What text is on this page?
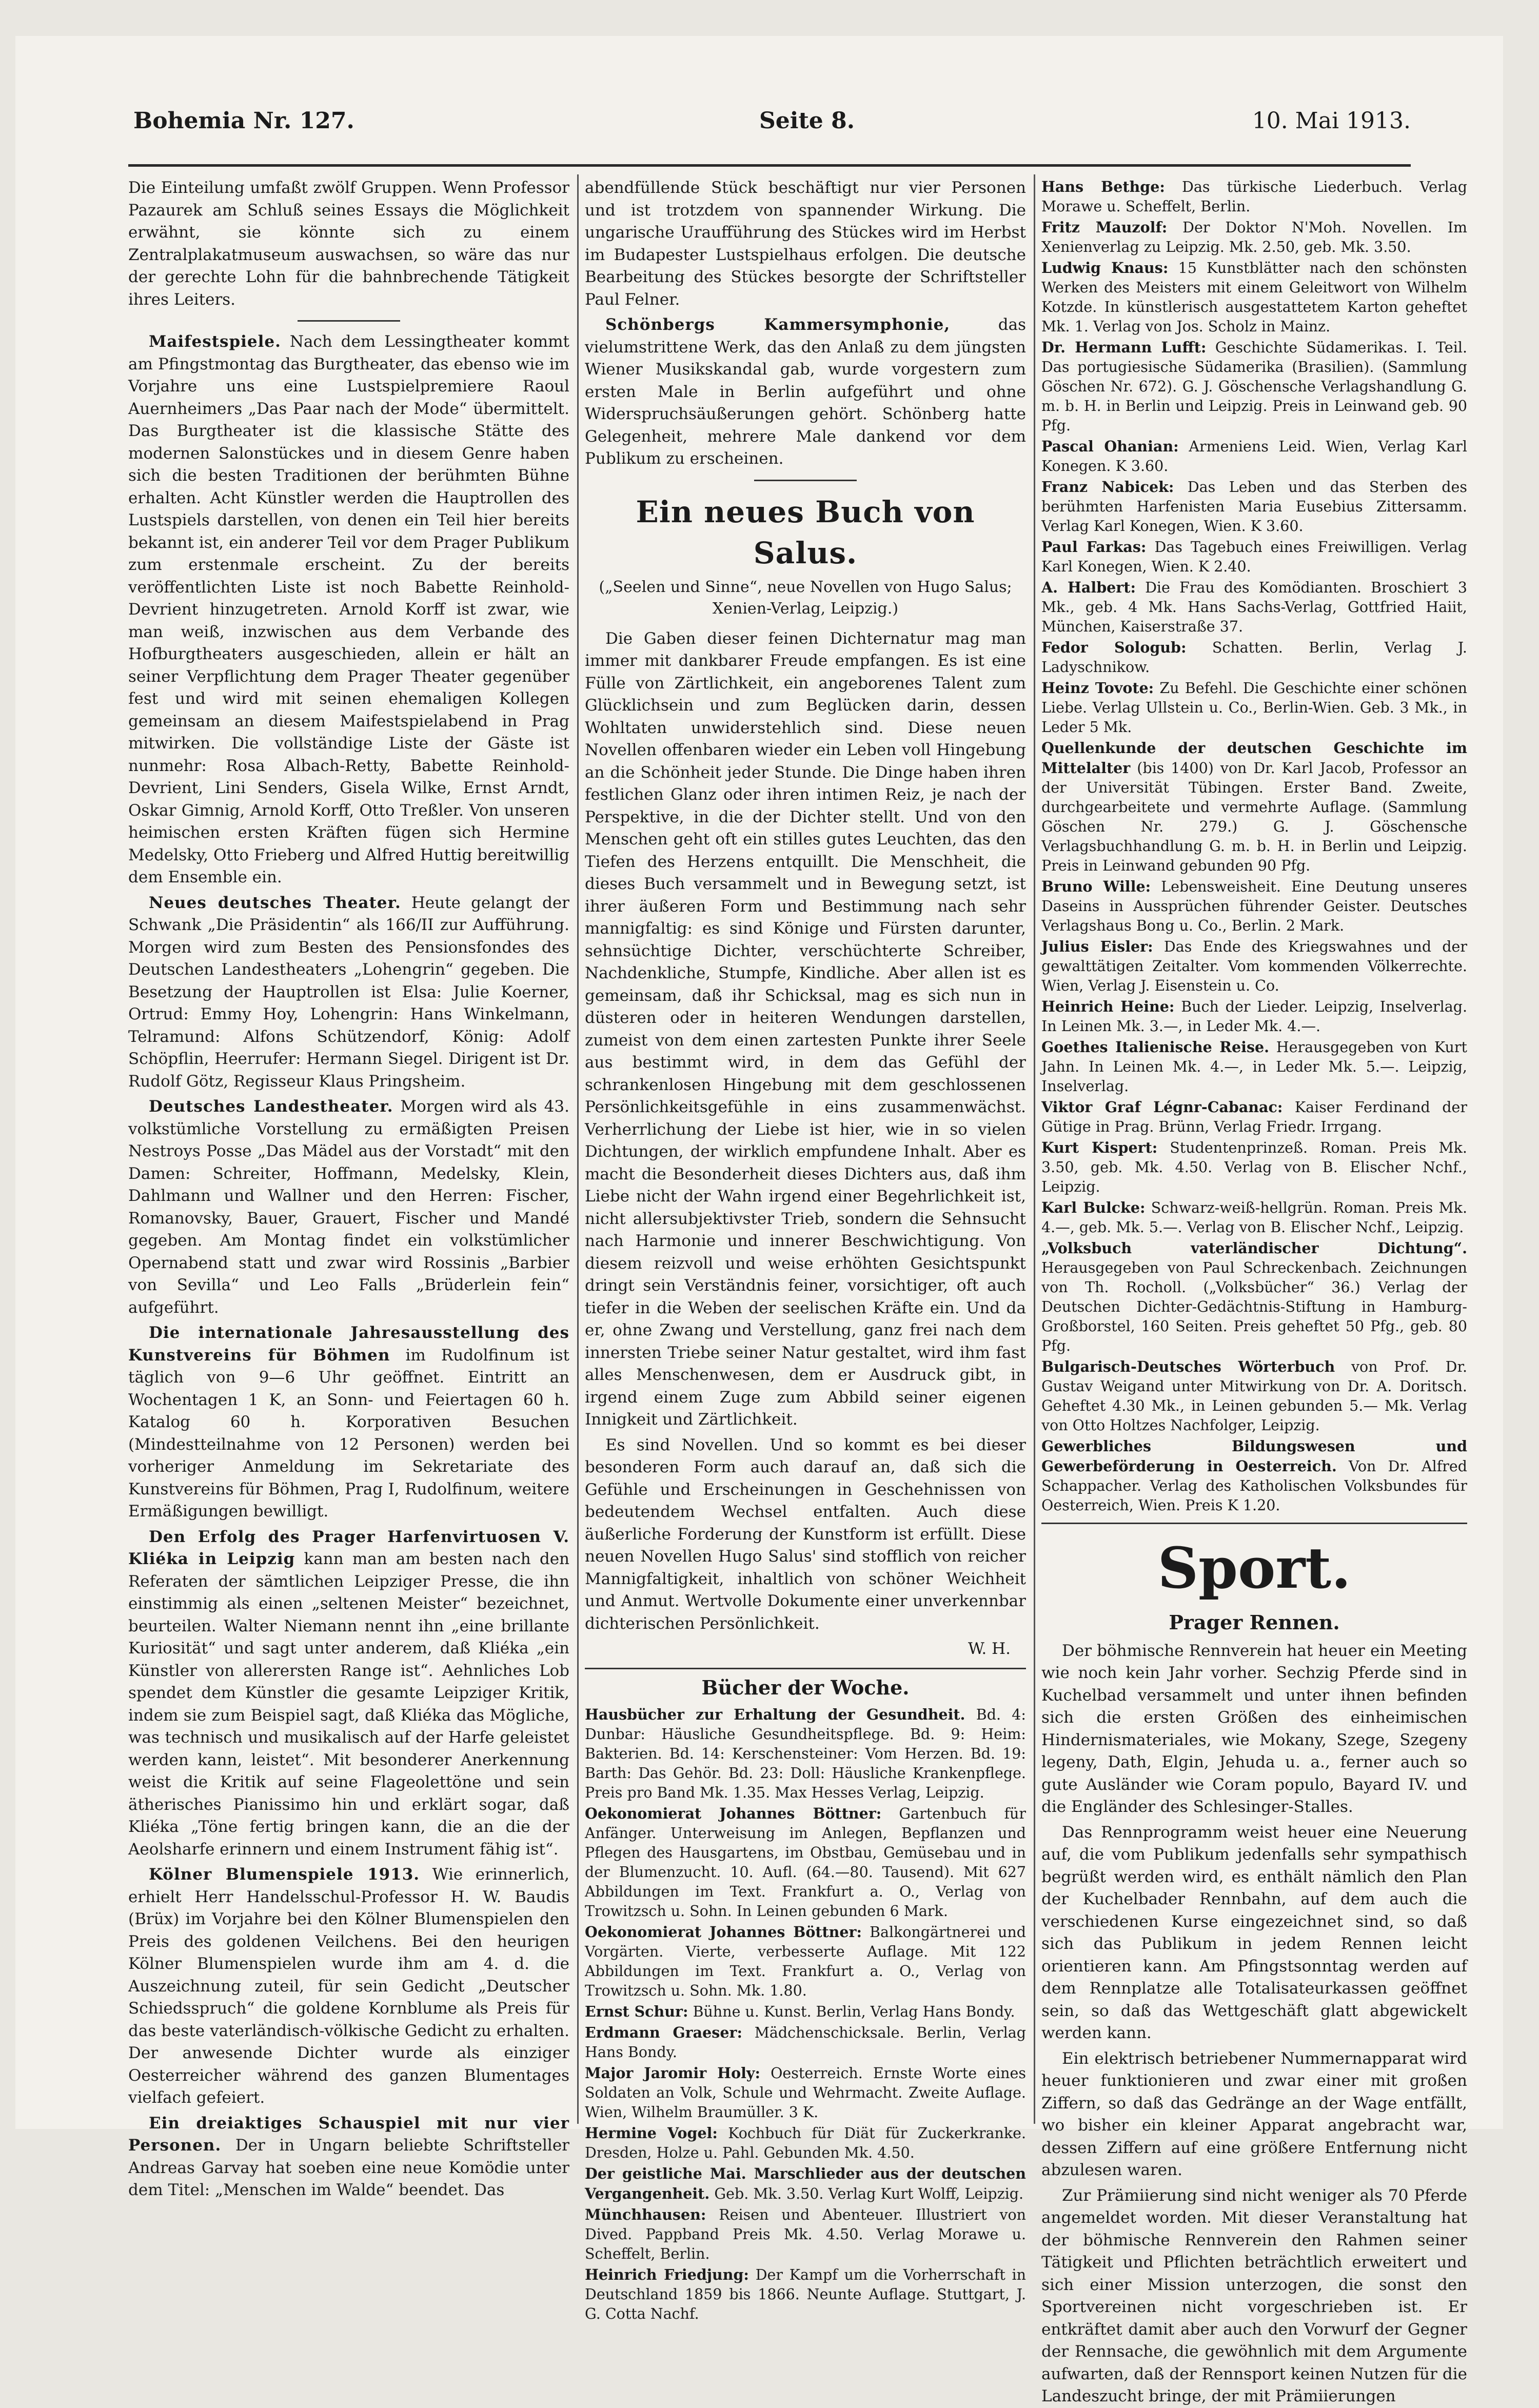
Bohemia Nr. 127.	Seite 8.	10. Mai 1913.

Die Einteilung umfaßt zwölf Gruppen. Wenn Professor Pazaurek am Schluß seines Essays die Möglichkeit erwähnt, sie könnte sich zu einem Zentralplakatmuseum auswachsen, so wäre das nur der gerechte Lohn für die bahnbrechende Tätigkeit ihres Leiters.

Maifestspiele. Nach dem Lessingtheater kommt am Pfingstmontag das Burgtheater, das ebenso wie im Vorjahre uns eine Lustspielpremiere Raoul Auernheimers „Das Paar nach der Mode“ übermittelt. Das Burgtheater ist die klassische Stätte des modernen Salonstückes und in diesem Genre haben sich die besten Traditionen der berühmten Bühne erhalten. Acht Künstler werden die Hauptrollen des Lustspiels darstellen, von denen ein Teil hier bereits bekannt ist, ein anderer Teil vor dem Prager Publikum zum erstenmale erscheint. Zu der bereits veröffentlichten Liste ist noch Babette Reinhold-Devrient hinzugetreten. Arnold Korff ist zwar, wie man weiß, inzwischen aus dem Verbande des Hofburgtheaters ausgeschieden, allein er hält an seiner Verpflichtung dem Prager Theater gegenüber fest und wird mit seinen ehemaligen Kollegen gemeinsam an diesem Maifestspielabend in Prag mitwirken. Die vollständige Liste der Gäste ist nunmehr: Rosa Albach-Retty, Babette Reinhold-Devrient, Lini Senders, Gisela Wilke, Ernst Arndt, Oskar Gimnig, Arnold Korff, Otto Treßler. Von unseren heimischen ersten Kräften fügen sich Hermine Medelsky, Otto Frieberg und Alfred Huttig bereitwillig dem Ensemble ein.

Neues deutsches Theater. Heute gelangt der Schwank „Die Präsidentin“ als 166/II zur Aufführung. Morgen wird zum Besten des Pensionsfondes des Deutschen Landestheaters „Lohengrin“ gegeben. Die Besetzung der Hauptrollen ist Elsa: Julie Koerner, Ortrud: Emmy Hoy, Lohengrin: Hans Winkelmann, Telramund: Alfons Schützendorf, König: Adolf Schöpflin, Heerrufer: Hermann Siegel. Dirigent ist Dr. Rudolf Götz, Regisseur Klaus Pringsheim.

Deutsches Landestheater. Morgen wird als 43. volkstümliche Vorstellung zu ermäßigten Preisen Nestroys Posse „Das Mädel aus der Vorstadt“ mit den Damen: Schreiter, Hoffmann, Medelsky, Klein, Dahlmann und Wallner und den Herren: Fischer, Romanovsky, Bauer, Grauert, Fischer und Mandé gegeben. Am Montag findet ein volkstümlicher Opernabend statt und zwar wird Rossinis „Barbier von Sevilla“ und Leo Falls „Brüderlein fein“ aufgeführt.

Die internationale Jahresausstellung des Kunstvereins für Böhmen im Rudolfinum ist täglich von 9—6 Uhr geöffnet. Eintritt an Wochentagen 1 K, an Sonn- und Feiertagen 60 h. Katalog 60 h. Korporativen Besuchen (Mindestteilnahme von 12 Personen) werden bei vorheriger Anmeldung im Sekretariate des Kunstvereins für Böhmen, Prag I, Rudolfinum, weitere Ermäßigungen bewilligt.

Den Erfolg des Prager Harfenvirtuosen V. Kliéka in Leipzig kann man am besten nach den Referaten der sämtlichen Leipziger Presse, die ihn einstimmig als einen „seltenen Meister“ bezeichnet, beurteilen. Walter Niemann nennt ihn „eine brillante Kuriosität“ und sagt unter anderem, daß Kliéka „ein Künstler von allerersten Range ist“. Aehnliches Lob spendet dem Künstler die gesamte Leipziger Kritik, indem sie zum Beispiel sagt, daß Kliéka das Mögliche, was technisch und musikalisch auf der Harfe geleistet werden kann, leistet“. Mit besonderer Anerkennung weist die Kritik auf seine Flageolettöne und sein ätherisches Pianissimo hin und erklärt sogar, daß Kliéka „Töne fertig bringen kann, die an die der Aeolsharfe erinnern und einem Instrument fähig ist“.

Kölner Blumenspiele 1913. Wie erinnerlich, erhielt Herr Handelsschul-Professor H. W. Baudis (Brüx) im Vorjahre bei den Kölner Blumenspielen den Preis des goldenen Veilchens. Bei den heurigen Kölner Blumenspielen wurde ihm am 4. d. die Auszeichnung zuteil, für sein Gedicht „Deutscher Schiedsspruch“ die goldene Kornblume als Preis für das beste vaterländisch-völkische Gedicht zu erhalten. Der anwesende Dichter wurde als einziger Oesterreicher während des ganzen Blumentages vielfach gefeiert.

Ein dreiaktiges Schauspiel mit nur vier Personen. Der in Ungarn beliebte Schriftsteller Andreas Garvay hat soeben eine neue Komödie unter dem Titel: „Menschen im Walde“ beendet. Das

abendfüllende Stück beschäftigt nur vier Personen und ist trotzdem von spannender Wirkung. Die ungarische Uraufführung des Stückes wird im Herbst im Budapester Lustspielhaus erfolgen. Die deutsche Bearbeitung des Stückes besorgte der Schriftsteller Paul Felner.

Schönbergs Kammersymphonie,	das vielumstrittene Werk, das den Anlaß zu dem jüngsten Wiener Musikskandal gab, wurde vorgestern zum ersten Male in Berlin aufgeführt und ohne Widerspruchsäußerungen gehört. Schönberg hatte Gelegenheit, mehrere Male dankend vor dem Publikum zu erscheinen.

Ein neues Buch von Salus.
(„Seelen und Sinne“, neue Novellen von Hugo Salus; Xenien-Verlag, Leipzig.)

Die Gaben dieser feinen Dichternatur mag man immer mit dankbarer Freude empfangen. Es ist eine Fülle von Zärtlichkeit, ein angeborenes Talent zum Glücklichsein und zum Beglücken darin, dessen Wohltaten unwiderstehlich sind. Diese neuen Novellen offenbaren wieder ein Leben voll Hingebung an die Schönheit jeder Stunde. Die Dinge haben ihren festlichen Glanz oder ihren intimen Reiz, je nach der Perspektive, in die der Dichter stellt. Und von den Menschen geht oft ein stilles gutes Leuchten, das den Tiefen des Herzens entquillt. Die Menschheit, die dieses Buch versammelt und in Bewegung setzt, ist ihrer äußeren Form und Bestimmung nach sehr mannigfaltig: es sind Könige und Fürsten darunter, sehnsüchtige Dichter, verschüchterte Schreiber, Nachdenkliche, Stumpfe, Kindliche. Aber allen ist es gemeinsam, daß ihr Schicksal, mag es sich nun in düsteren oder in heiteren Wendungen darstellen, zumeist von dem einen zartesten Punkte ihrer Seele aus bestimmt wird, in dem das Gefühl der schrankenlosen Hingebung mit dem geschlossenen Persönlichkeitsgefühle in eins zusammenwächst. Verherrlichung der Liebe ist hier, wie in so vielen Dichtungen, der wirklich empfundene Inhalt. Aber es macht die Besonderheit dieses Dichters aus, daß ihm Liebe nicht der Wahn irgend einer Begehrlichkeit ist, nicht allersubjektivster Trieb, sondern die Sehnsucht nach Harmonie und innerer Beschwichtigung. Von diesem reizvoll und weise erhöhten Gesichtspunkt dringt sein Verständnis feiner, vorsichtiger, oft auch tiefer in die Weben der seelischen Kräfte ein. Und da er, ohne Zwang und Verstellung, ganz frei nach dem innersten Triebe seiner Natur gestaltet, wird ihm fast alles Menschenwesen, dem er Ausdruck gibt, in irgend einem Zuge zum Abbild seiner eigenen Innigkeit und Zärtlichkeit.

Es sind Novellen. Und so kommt es bei dieser besonderen Form auch darauf an, daß sich die Gefühle und Erscheinungen in Geschehnissen von bedeutendem Wechsel entfalten. Auch diese äußerliche Forderung der Kunstform ist erfüllt. Diese neuen Novellen Hugo Salus' sind stofflich von reicher Mannigfaltigkeit, inhaltlich von schöner Weichheit und Anmut. Wertvolle Dokumente einer unverkennbar dichterischen Persönlichkeit.

W. H.
Bücher der Woche.
Hausbücher zur Erhaltung der Gesundheit. Bd. 4: Dunbar: Häusliche Gesundheitspflege. Bd. 9: Heim: Bakterien. Bd. 14: Kerschensteiner: Vom Herzen. Bd. 19: Barth: Das Gehör. Bd. 23: Doll: Häusliche Krankenpflege. Preis pro Band Mk. 1.35. Max Hesses Verlag, Leipzig.
Oekonomierat Johannes Böttner: Gartenbuch für Anfänger. Unterweisung im Anlegen, Bepflanzen und Pflegen des Hausgartens, im Obstbau, Gemüsebau und in der Blumenzucht. 10. Aufl. (64.—80. Tausend). Mit 627 Abbildungen im Text. Frankfurt a. O., Verlag von Trowitzsch u. Sohn. In Leinen gebunden 6 Mark.
Oekonomierat Johannes Böttner: Balkongärtnerei und Vorgärten. Vierte, verbesserte Auflage. Mit 122 Abbildungen im Text. Frankfurt a. O., Verlag von Trowitzsch u. Sohn. Mk. 1.80.
Ernst Schur: Bühne u. Kunst. Berlin, Verlag Hans Bondy.
Erdmann Graeser: Mädchenschicksale. Berlin, Verlag Hans Bondy.
Major Jaromir Holy: Oesterreich. Ernste Worte eines Soldaten an Volk, Schule und Wehrmacht. Zweite Auflage. Wien, Wilhelm Braumüller. 3 K.
Hermine Vogel: Kochbuch für Diät für Zuckerkranke. Dresden, Holze u. Pahl. Gebunden Mk. 4.50.
Der geistliche Mai. Marschlieder aus der deutschen Vergangenheit. Geb. Mk. 3.50. Verlag Kurt Wolff, Leipzig.
Münchhausen: Reisen und Abenteuer. Illustriert von Dived. Pappband Preis Mk. 4.50. Verlag Morawe u. Scheffelt, Berlin.
Heinrich Friedjung: Der Kampf um die Vorherrschaft in Deutschland 1859 bis 1866. Neunte Auflage. Stuttgart, J. G. Cotta Nachf.
Hans Bethge: Das türkische Liederbuch. Verlag Morawe u. Scheffelt, Berlin.
Fritz Mauzolf: Der Doktor N'Moh. Novellen. Im Xenienverlag zu Leipzig. Mk. 2.50, geb. Mk. 3.50.
Ludwig Knaus: 15 Kunstblätter nach den schönsten Werken des Meisters mit einem Geleitwort von Wilhelm Kotzde. In künstlerisch ausgestattetem Karton geheftet Mk. 1. Verlag von Jos. Scholz in Mainz.
Dr. Hermann Lufft: Geschichte Südamerikas. I. Teil. Das portugiesische Südamerika (Brasilien). (Sammlung Göschen Nr. 672). G. J. Göschensche Verlagshandlung G. m. b. H. in Berlin und Leipzig. Preis in Leinwand geb. 90 Pfg.
Pascal Ohanian: Armeniens Leid. Wien, Verlag Karl Konegen. K 3.60.
Franz Nabicek: Das Leben und das Sterben des berühmten Harfenisten Maria Eusebius Zittersamm. Verlag Karl Konegen, Wien. K 3.60.
Paul Farkas: Das Tagebuch eines Freiwilligen. Verlag Karl Konegen, Wien. K 2.40.
A. Halbert: Die Frau des Komödianten. Broschiert 3 Mk., geb. 4 Mk. Hans Sachs-Verlag, Gottfried Haiit, München, Kaiserstraße 37.
Fedor Sologub: Schatten. Berlin, Verlag J. Ladyschnikow.
Heinz Tovote: Zu Befehl. Die Geschichte einer schönen Liebe. Verlag Ullstein u. Co., Berlin-Wien. Geb. 3 Mk., in Leder 5 Mk.
Quellenkunde der deutschen Geschichte im Mittelalter (bis 1400) von Dr. Karl Jacob, Professor an der Universität Tübingen. Erster Band. Zweite, durchgearbeitete und vermehrte Auflage. (Sammlung Göschen Nr. 279.) G. J. Göschensche Verlagsbuchhandlung G. m. b. H. in Berlin und Leipzig. Preis in Leinwand gebunden 90 Pfg.
Bruno Wille: Lebensweisheit. Eine Deutung unseres Daseins in Aussprüchen führender Geister. Deutsches Verlagshaus Bong u. Co., Berlin. 2 Mark.
Julius Eisler: Das Ende des Kriegswahnes und der gewalttätigen Zeitalter. Vom kommenden Völkerrechte. Wien, Verlag J. Eisenstein u. Co.
Heinrich Heine: Buch der Lieder. Leipzig, Inselverlag. In Leinen Mk. 3.—, in Leder Mk. 4.—.
Goethes Italienische Reise. Herausgegeben von Kurt Jahn. In Leinen Mk. 4.—, in Leder Mk. 5.—. Leipzig, Inselverlag.
Viktor Graf Légnr-Cabanac: Kaiser Ferdinand der Gütige in Prag. Brünn, Verlag Friedr. Irrgang.
Kurt Kispert: Studentenprinzeß. Roman. Preis Mk. 3.50, geb. Mk. 4.50. Verlag von B. Elischer Nchf., Leipzig.
Karl Bulcke: Schwarz-weiß-hellgrün. Roman. Preis Mk. 4.—, geb. Mk. 5.—. Verlag von B. Elischer Nchf., Leipzig.
„Volksbuch vaterländischer Dichtung“. Herausgegeben von Paul Schreckenbach. Zeichnungen von Th. Rocholl. („Volksbücher“ 36.) Verlag der Deutschen Dichter-Gedächtnis-Stiftung in Hamburg-Großborstel, 160 Seiten. Preis geheftet 50 Pfg., geb. 80 Pfg.
Bulgarisch-Deutsches Wörterbuch von Prof. Dr. Gustav Weigand unter Mitwirkung von Dr. A. Doritsch. Geheftet 4.30 Mk., in Leinen gebunden 5.— Mk. Verlag von Otto Holtzes Nachfolger, Leipzig.
Gewerbliches Bildungswesen und Gewerbeförderung in Oesterreich. Von Dr. Alfred Schappacher. Verlag des Katholischen Volksbundes für Oesterreich, Wien. Preis K 1.20.
Sport.
Prager Rennen.

Der böhmische Rennverein hat heuer ein Meeting wie noch kein Jahr vorher. Sechzig Pferde sind in Kuchelbad versammelt und unter ihnen befinden sich die ersten Größen des einheimischen Hindernismateriales, wie Mokany, Szege, Szegeny legeny, Dath, Elgin, Jehuda u. a., ferner auch so gute Ausländer wie Coram populo, Bayard IV. und die Engländer des Schlesinger-Stalles.

Das Rennprogramm weist heuer eine Neuerung auf, die vom Publikum jedenfalls sehr sympathisch begrüßt werden wird, es enthält nämlich den Plan der Kuchelbader Rennbahn, auf dem auch die verschiedenen Kurse eingezeichnet sind, so daß sich das Publikum in jedem Rennen leicht orientieren kann. Am Pfingstsonntag werden auf dem Rennplatze alle Totalisateurkassen geöffnet sein, so daß das Wettgeschäft glatt abgewickelt werden kann.

Ein elektrisch betriebener Nummernapparat wird heuer funktionieren und zwar einer mit großen Ziffern, so daß das Gedränge an der Wage entfällt, wo bisher ein kleiner Apparat angebracht war, dessen Ziffern auf eine größere Entfernung nicht abzulesen waren.

Zur Prämiierung sind nicht weniger als 70 Pferde angemeldet worden. Mit dieser Veranstaltung hat der böhmische Rennverein den Rahmen seiner Tätigkeit und Pflichten beträchtlich erweitert und sich einer Mission unterzogen, die sonst den Sportvereinen nicht vorgeschrieben ist. Er entkräftet damit aber auch den Vorwurf der Gegner der Rennsache, die gewöhnlich mit dem Argumente aufwarten, daß der Rennsport keinen Nutzen für die Landeszucht bringe, der mit Prämiierungen
